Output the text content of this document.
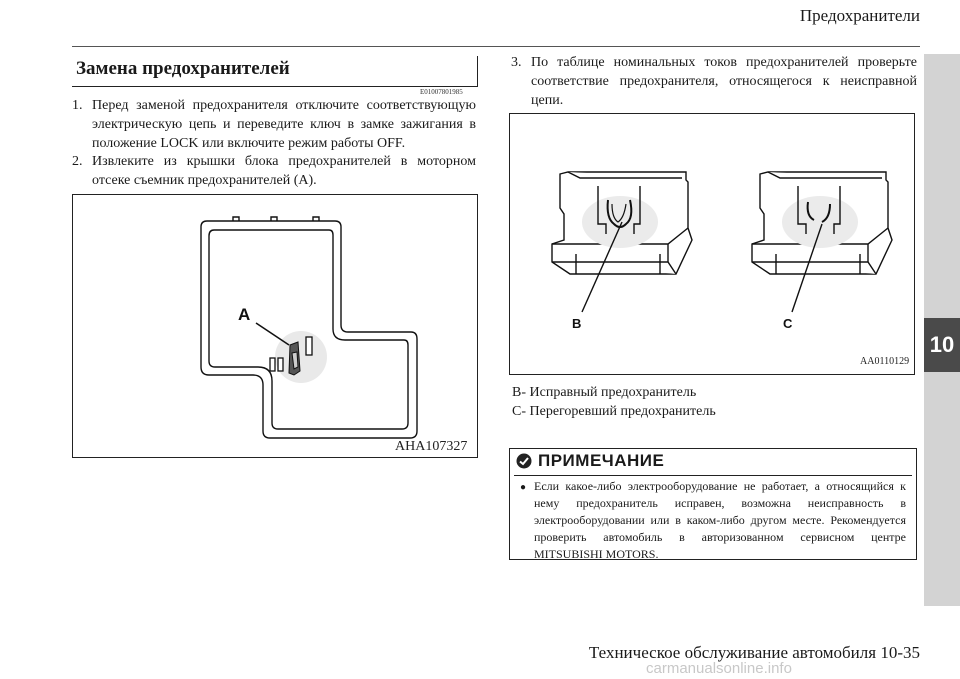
Предохранители
10
Замена предохранителей
E01007801985
1. Перед заменой предохранителя отключите соответствующую электрическую цепь и переведите ключ в замке зажигания в положение LOCK или включите режим работы OFF.
2. Извлеките из крышки блока предохранителей в моторном отсеке съемник предохранителей (A).
A
AHA107327
3. По таблице номинальных токов предохранителей проверьте соответствие предохранителя, относящегося к неисправной цепи.
B	C
AA0110129
B- Исправный предохранитель
C- Перегоревший предохранитель
ПРИМЕЧАНИЕ
● Если какое-либо электрооборудование не работает, а относящийся к нему предохранитель исправен, возможна неисправность в электрооборудовании или в каком-либо другом месте. Рекомендуется проверить автомобиль в авторизованном сервисном центре MITSUBISHI MOTORS.
Техническое обслуживание автомобиля 10-35
carmanualsonline.info
